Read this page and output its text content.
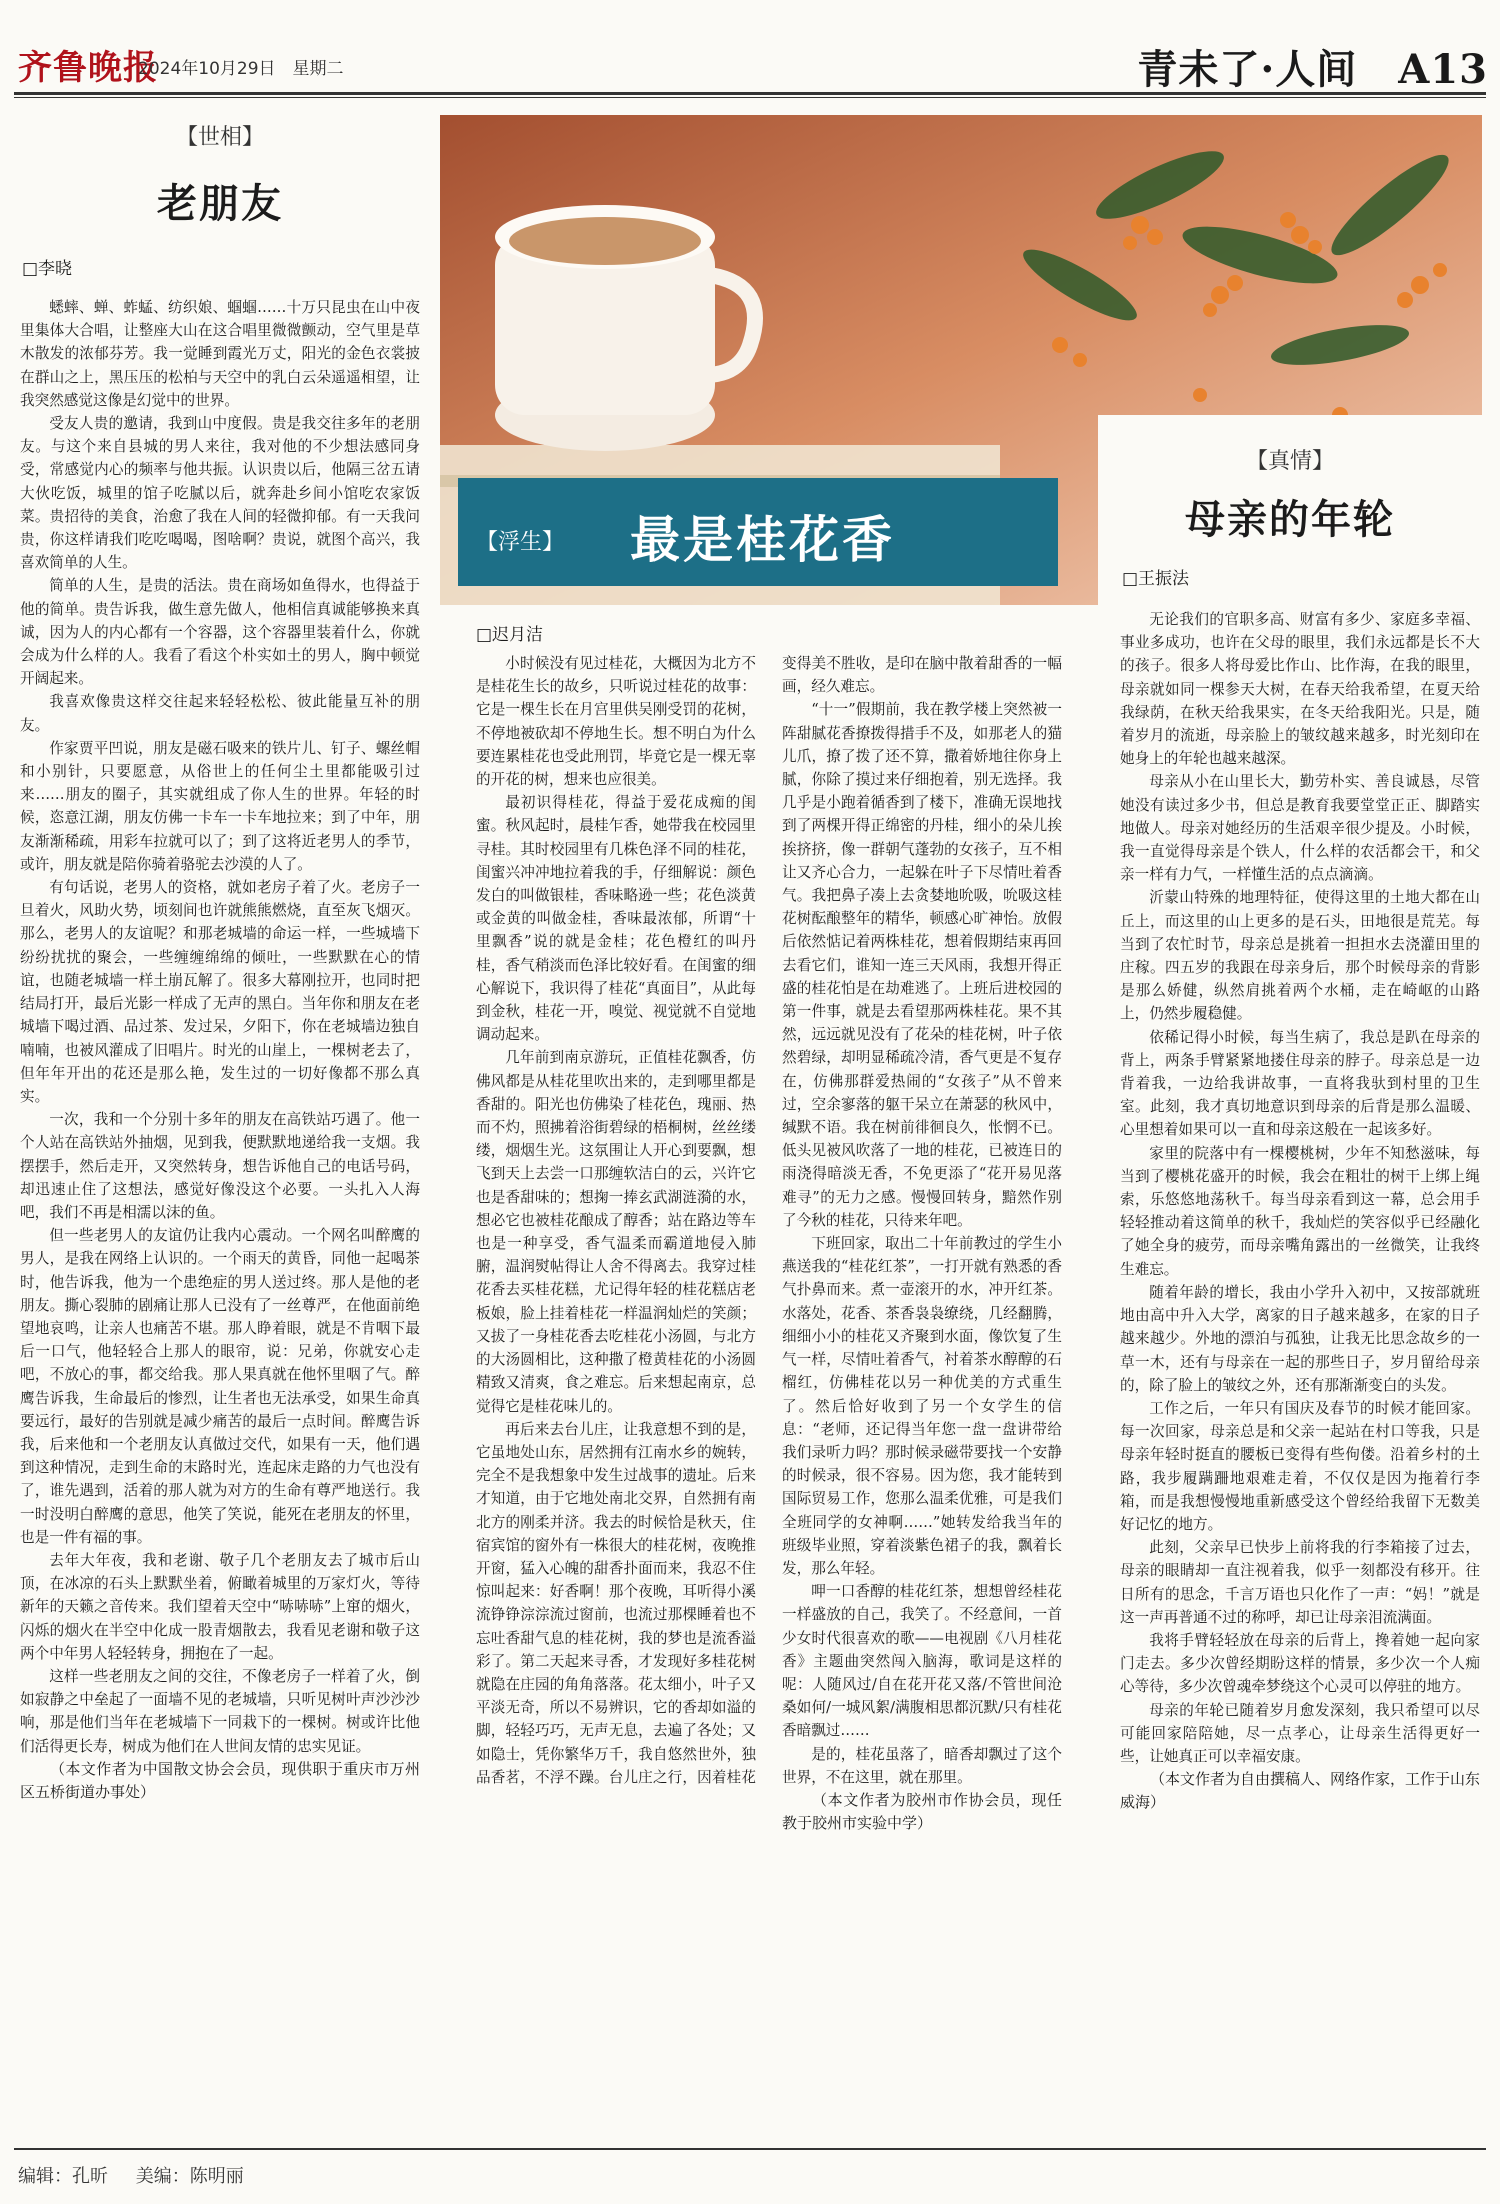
齐鲁晚报
2024年10月29日　星期二	青未了·人间　A13
【浮生】 最是桂花香
【世相】
老朋友
□李晓

蟋蟀、蝉、蚱蜢、纺织娘、蝈蝈……十万只昆虫在山中夜里集体大合唱，让整座大山在这合唱里微微颤动，空气里是草木散发的浓郁芬芳。我一觉睡到霞光万丈，阳光的金色衣裳披在群山之上，黑压压的松柏与天空中的乳白云朵遥遥相望，让我突然感觉这像是幻觉中的世界。

受友人贵的邀请，我到山中度假。贵是我交往多年的老朋友。与这个来自县城的男人来往，我对他的不少想法感同身受，常感觉内心的频率与他共振。认识贵以后，他隔三岔五请大伙吃饭，城里的馆子吃腻以后，就奔赴乡间小馆吃农家饭菜。贵招待的美食，治愈了我在人间的轻微抑郁。有一天我问贵，你这样请我们吃吃喝喝，图啥啊？贵说，就图个高兴，我喜欢简单的人生。

简单的人生，是贵的活法。贵在商场如鱼得水，也得益于他的简单。贵告诉我，做生意先做人，他相信真诚能够换来真诚，因为人的内心都有一个容器，这个容器里装着什么，你就会成为什么样的人。我看了看这个朴实如土的男人，胸中顿觉开阔起来。

我喜欢像贵这样交往起来轻轻松松、彼此能量互补的朋友。

作家贾平凹说，朋友是磁石吸来的铁片儿、钉子、螺丝帽和小别针，只要愿意，从俗世上的任何尘土里都能吸引过来……朋友的圈子，其实就组成了你人生的世界。年轻的时候，恣意江湖，朋友仿佛一卡车一卡车地拉来；到了中年，朋友渐渐稀疏，用彩车拉就可以了；到了这将近老男人的季节，或许，朋友就是陪你骑着骆驼去沙漠的人了。

有句话说，老男人的资格，就如老房子着了火。老房子一旦着火，风助火势，顷刻间也许就熊熊燃烧，直至灰飞烟灭。那么，老男人的友谊呢？和那老城墙的命运一样，一些城墙下纷纷扰扰的聚会，一些缠缠绵绵的倾吐，一些默默在心的情谊，也随老城墙一样土崩瓦解了。很多大幕刚拉开，也同时把结局打开，最后光影一样成了无声的黑白。当年你和朋友在老城墙下喝过酒、品过茶、发过呆，夕阳下，你在老城墙边独自喃喃，也被风灌成了旧唱片。时光的山崖上，一棵树老去了，但年年开出的花还是那么艳，发生过的一切好像都不那么真实。

一次，我和一个分别十多年的朋友在高铁站巧遇了。他一个人站在高铁站外抽烟，见到我，便默默地递给我一支烟。我摆摆手，然后走开，又突然转身，想告诉他自己的电话号码，却迅速止住了这想法，感觉好像没这个必要。一头扎入人海吧，我们不再是相濡以沫的鱼。

但一些老男人的友谊仍让我内心震动。一个网名叫醉鹰的男人，是我在网络上认识的。一个雨天的黄昏，同他一起喝茶时，他告诉我，他为一个患绝症的男人送过终。那人是他的老朋友。撕心裂肺的剧痛让那人已没有了一丝尊严，在他面前绝望地哀鸣，让亲人也痛苦不堪。那人睁着眼，就是不肯咽下最后一口气，他轻轻合上那人的眼帘，说：兄弟，你就安心走吧，不放心的事，都交给我。那人果真就在他怀里咽了气。醉鹰告诉我，生命最后的惨烈，让生者也无法承受，如果生命真要远行，最好的告别就是减少痛苦的最后一点时间。醉鹰告诉我，后来他和一个老朋友认真做过交代，如果有一天，他们遇到这种情况，走到生命的末路时光，连起床走路的力气也没有了，谁先遇到，活着的那人就为对方的生命有尊严地送行。我一时没明白醉鹰的意思，他笑了笑说，能死在老朋友的怀里，也是一件有福的事。

去年大年夜，我和老谢、敬子几个老朋友去了城市后山顶，在冰凉的石头上默默坐着，俯瞰着城里的万家灯火，等待新年的天籁之音传来。我们望着天空中“哧哧哧”上窜的烟火，闪烁的烟火在半空中化成一股青烟散去，我看见老谢和敬子这两个中年男人轻轻转身，拥抱在了一起。

这样一些老朋友之间的交往，不像老房子一样着了火，倒如寂静之中垒起了一面墙不见的老城墙，只听见树叶声沙沙沙响，那是他们当年在老城墙下一同栽下的一棵树。树或许比他们活得更长寿，树成为他们在人世间友情的忠实见证。

（本文作者为中国散文协会会员，现供职于重庆市万州区五桥街道办事处）

□迟月洁

小时候没有见过桂花，大概因为北方不是桂花生长的故乡，只听说过桂花的故事：它是一棵生长在月宫里供吴刚受罚的花树，不停地被砍却不停地生长。想不明白为什么要连累桂花也受此刑罚，毕竟它是一棵无辜的开花的树，想来也应很美。

最初识得桂花，得益于爱花成痴的闺蜜。秋风起时，晨桂乍香，她带我在校园里寻桂。其时校园里有几株色泽不同的桂花，闺蜜兴冲冲地拉着我的手，仔细解说：颜色发白的叫做银桂，香味略逊一些；花色淡黄或金黄的叫做金桂，香味最浓郁，所谓“十里飘香”说的就是金桂；花色橙红的叫丹桂，香气稍淡而色泽比较好看。在闺蜜的细心解说下，我识得了桂花“真面目”，从此每到金秋，桂花一开，嗅觉、视觉就不自觉地调动起来。

几年前到南京游玩，正值桂花飘香，仿佛风都是从桂花里吹出来的，走到哪里都是香甜的。阳光也仿佛染了桂花色，瑰丽、热而不灼，照拂着浴街碧绿的梧桐树，丝丝缕缕，烟烟生光。这氛围让人开心到要飘，想飞到天上去尝一口那缠软洁白的云，兴许它也是香甜味的；想掬一捧玄武湖涟漪的水，想必它也被桂花酿成了醇香；站在路边等车也是一种享受，香气温柔而霸道地侵入肺腑，温润熨帖得让人舍不得离去。我穿过桂花香去买桂花糕，尤记得年轻的桂花糕店老板娘，脸上挂着桂花一样温润灿烂的笑颜；又拔了一身桂花香去吃桂花小汤圆，与北方的大汤圆相比，这种撒了橙黄桂花的小汤圆精致又清爽，食之难忘。后来想起南京，总觉得它是桂花味儿的。

再后来去台儿庄，让我意想不到的是，它虽地处山东，居然拥有江南水乡的婉转，完全不是我想象中发生过战事的遗址。后来才知道，由于它地处南北交界，自然拥有南北方的刚柔并济。我去的时候恰是秋天，住宿宾馆的窗外有一株很大的桂花树，夜晚推开窗，猛入心魄的甜香扑面而来，我忍不住惊叫起来：好香啊！那个夜晚，耳听得小溪流铮铮淙淙流过窗前，也流过那棵睡着也不忘吐香甜气息的桂花树，我的梦也是流香溢彩了。第二天起来寻香，才发现好多桂花树就隐在庄园的角角落落。花太细小，叶子又平淡无奇，所以不易辨识，它的香却如溢的脚，轻轻巧巧，无声无息，去遍了各处；又如隐士，凭你繁华万千，我自悠然世外，独品香茗，不浮不躁。台儿庄之行，因着桂花变得美不胜收，是印在脑中散着甜香的一幅画，经久难忘。

“十一”假期前，我在教学楼上突然被一阵甜腻花香撩拨得措手不及，如那老人的猫儿爪，撩了拨了还不算，撒着娇地往你身上腻，你除了摸过来仔细抱着，别无选择。我几乎是小跑着循香到了楼下，准确无误地找到了两棵开得正绵密的丹桂，细小的朵儿挨挨挤挤，像一群朝气蓬勃的女孩子，互不相让又齐心合力，一起躲在叶子下尽情吐着香气。我把鼻子凑上去贪婪地吮吸，吮吸这桂花树酝酿整年的精华，顿感心旷神怡。放假后依然惦记着两株桂花，想着假期结束再回去看它们，谁知一连三天风雨，我想开得正盛的桂花怕是在劫难逃了。上班后进校园的第一件事，就是去看望那两株桂花。果不其然，远远就见没有了花朵的桂花树，叶子依然碧绿，却明显稀疏冷清，香气更是不复存在，仿佛那群爱热闹的“女孩子”从不曾来过，空余寥落的躯干呆立在萧瑟的秋风中，缄默不语。我在树前徘徊良久，怅惘不已。低头见被风吹落了一地的桂花，已被连日的雨浇得暗淡无香，不免更添了“花开易见落难寻”的无力之感。慢慢回转身，黯然作别了今秋的桂花，只待来年吧。

下班回家，取出二十年前教过的学生小燕送我的“桂花红茶”，一打开就有熟悉的香气扑鼻而来。煮一壶滚开的水，冲开红茶。水落处，花香、茶香袅袅缭绕，几经翻腾，细细小小的桂花又齐聚到水面，像饮复了生气一样，尽情吐着香气，衬着茶水醇醇的石榴红，仿佛桂花以另一种优美的方式重生了。然后恰好收到了另一个女学生的信息：“老师，还记得当年您一盘一盘讲带给我们录听力吗？那时候录磁带要找一个安静的时候录，很不容易。因为您，我才能转到国际贸易工作，您那么温柔优雅，可是我们全班同学的女神啊……”她转发给我当年的班级毕业照，穿着淡紫色裙子的我，飘着长发，那么年轻。

呷一口香醇的桂花红茶，想想曾经桂花一样盛放的自己，我笑了。不经意间，一首少女时代很喜欢的歌——电视剧《八月桂花香》主题曲突然闯入脑海，歌词是这样的呢：人随风过/自在花开花又落/不管世间沧桑如何/一城风絮/满腹相思都沉默/只有桂花香暗飘过……

是的，桂花虽落了，暗香却飘过了这个世界，不在这里，就在那里。

（本文作者为胶州市作协会员，现任教于胶州市实验中学）

【真情】
母亲的年轮
□王振法

无论我们的官职多高、财富有多少、家庭多幸福、事业多成功，也许在父母的眼里，我们永远都是长不大的孩子。很多人将母爱比作山、比作海，在我的眼里，母亲就如同一棵参天大树，在春天给我希望，在夏天给我绿荫，在秋天给我果实，在冬天给我阳光。只是，随着岁月的流逝，母亲脸上的皱纹越来越多，时光刻印在她身上的年轮也越来越深。

母亲从小在山里长大，勤劳朴实、善良诚恳，尽管她没有读过多少书，但总是教育我要堂堂正正、脚踏实地做人。母亲对她经历的生活艰辛很少提及。小时候，我一直觉得母亲是个铁人，什么样的农活都会干，和父亲一样有力气，一样懂生活的点点滴滴。

沂蒙山特殊的地理特征，使得这里的土地大都在山丘上，而这里的山上更多的是石头，田地很是荒芜。每当到了农忙时节，母亲总是挑着一担担水去浇灌田里的庄稼。四五岁的我跟在母亲身后，那个时候母亲的背影是那么娇健，纵然肩挑着两个水桶，走在崎岖的山路上，仍然步履稳健。

依稀记得小时候，每当生病了，我总是趴在母亲的背上，两条手臂紧紧地搂住母亲的脖子。母亲总是一边背着我，一边给我讲故事，一直将我驮到村里的卫生室。此刻，我才真切地意识到母亲的后背是那么温暖、心里想着如果可以一直和母亲这般在一起该多好。

家里的院落中有一棵樱桃树，少年不知愁滋味，每当到了樱桃花盛开的时候，我会在粗壮的树干上绑上绳索，乐悠悠地荡秋千。每当母亲看到这一幕，总会用手轻轻推动着这简单的秋千，我灿烂的笑容似乎已经融化了她全身的疲劳，而母亲嘴角露出的一丝微笑，让我终生难忘。

随着年龄的增长，我由小学升入初中，又按部就班地由高中升入大学，离家的日子越来越多，在家的日子越来越少。外地的漂泊与孤独，让我无比思念故乡的一草一木，还有与母亲在一起的那些日子，岁月留给母亲的，除了脸上的皱纹之外，还有那渐渐变白的头发。

工作之后，一年只有国庆及春节的时候才能回家。每一次回家，母亲总是和父亲一起站在村口等我，只是母亲年轻时挺直的腰板已变得有些佝偻。沿着乡村的土路，我步履蹒跚地艰难走着，不仅仅是因为拖着行李箱，而是我想慢慢地重新感受这个曾经给我留下无数美好记忆的地方。

此刻，父亲早已快步上前将我的行李箱接了过去，母亲的眼睛却一直注视着我，似乎一刻都没有移开。往日所有的思念，千言万语也只化作了一声：“妈！”就是这一声再普通不过的称呼，却已让母亲泪流满面。

我将手臂轻轻放在母亲的后背上，搀着她一起向家门走去。多少次曾经期盼这样的情景，多少次一个人痴心等待，多少次曾魂牵梦绕这个心灵可以停驻的地方。

母亲的年轮已随着岁月愈发深刻，我只希望可以尽可能回家陪陪她，尽一点孝心，让母亲生活得更好一些，让她真正可以幸福安康。

（本文作者为自由撰稿人、网络作家，工作于山东威海）

编辑：孔昕 美编：陈明丽
